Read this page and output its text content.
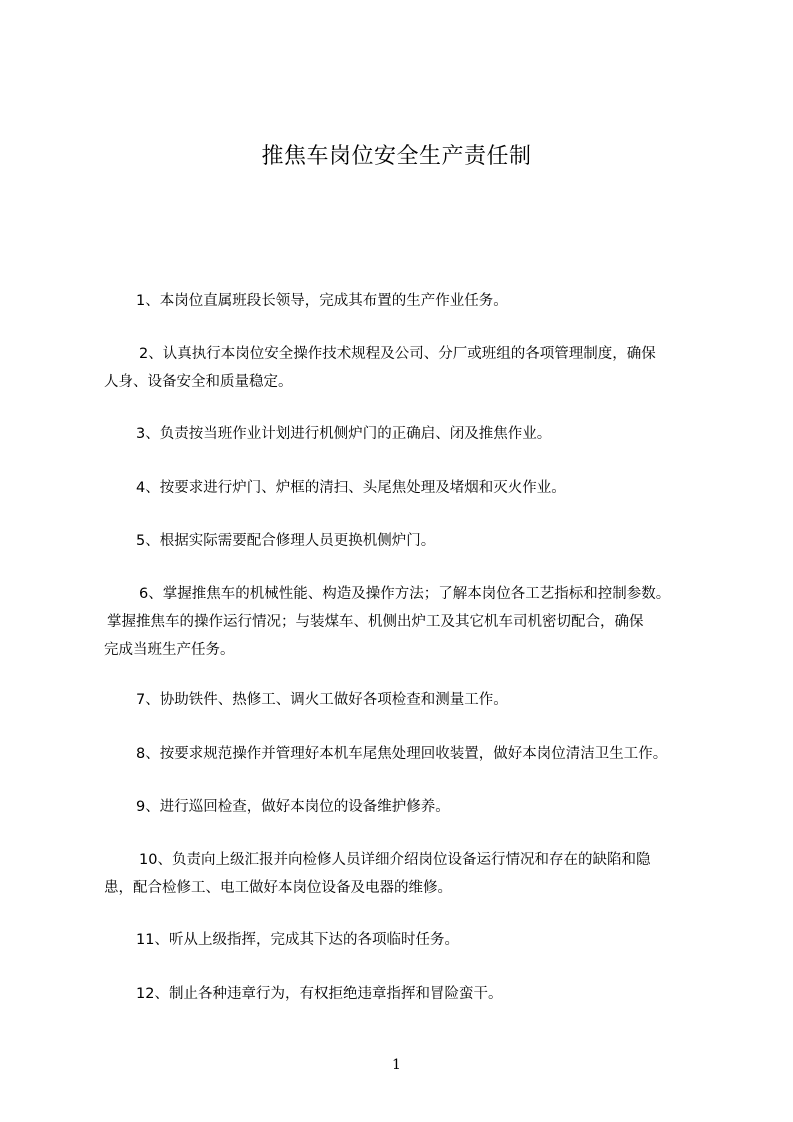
推焦车岗位安全生产责任制
1、本岗位直属班段长领导，完成其布置的生产作业任务。
2、认真执行本岗位安全操作技术规程及公司、分厂或班组的各项管理制度，确保
人身、设备安全和质量稳定。
3、负责按当班作业计划进行机侧炉门的正确启、闭及推焦作业。
4、按要求进行炉门、炉框的清扫、头尾焦处理及堵烟和灭火作业。
5、根据实际需要配合修理人员更换机侧炉门。
6、掌握推焦车的机械性能、构造及操作方法；了解本岗位各工艺指标和控制参数。
掌握推焦车的操作运行情况；与装煤车、机侧出炉工及其它机车司机密切配合，确保
完成当班生产任务。
7、协助铁件、热修工、调火工做好各项检查和测量工作。
8、按要求规范操作并管理好本机车尾焦处理回收装置，做好本岗位清洁卫生工作。
9、进行巡回检查，做好本岗位的设备维护修养。
10、负责向上级汇报并向检修人员详细介绍岗位设备运行情况和存在的缺陷和隐
患，配合检修工、电工做好本岗位设备及电器的维修。
11、听从上级指挥，完成其下达的各项临时任务。
12、制止各种违章行为，有权拒绝违章指挥和冒险蛮干。
1
